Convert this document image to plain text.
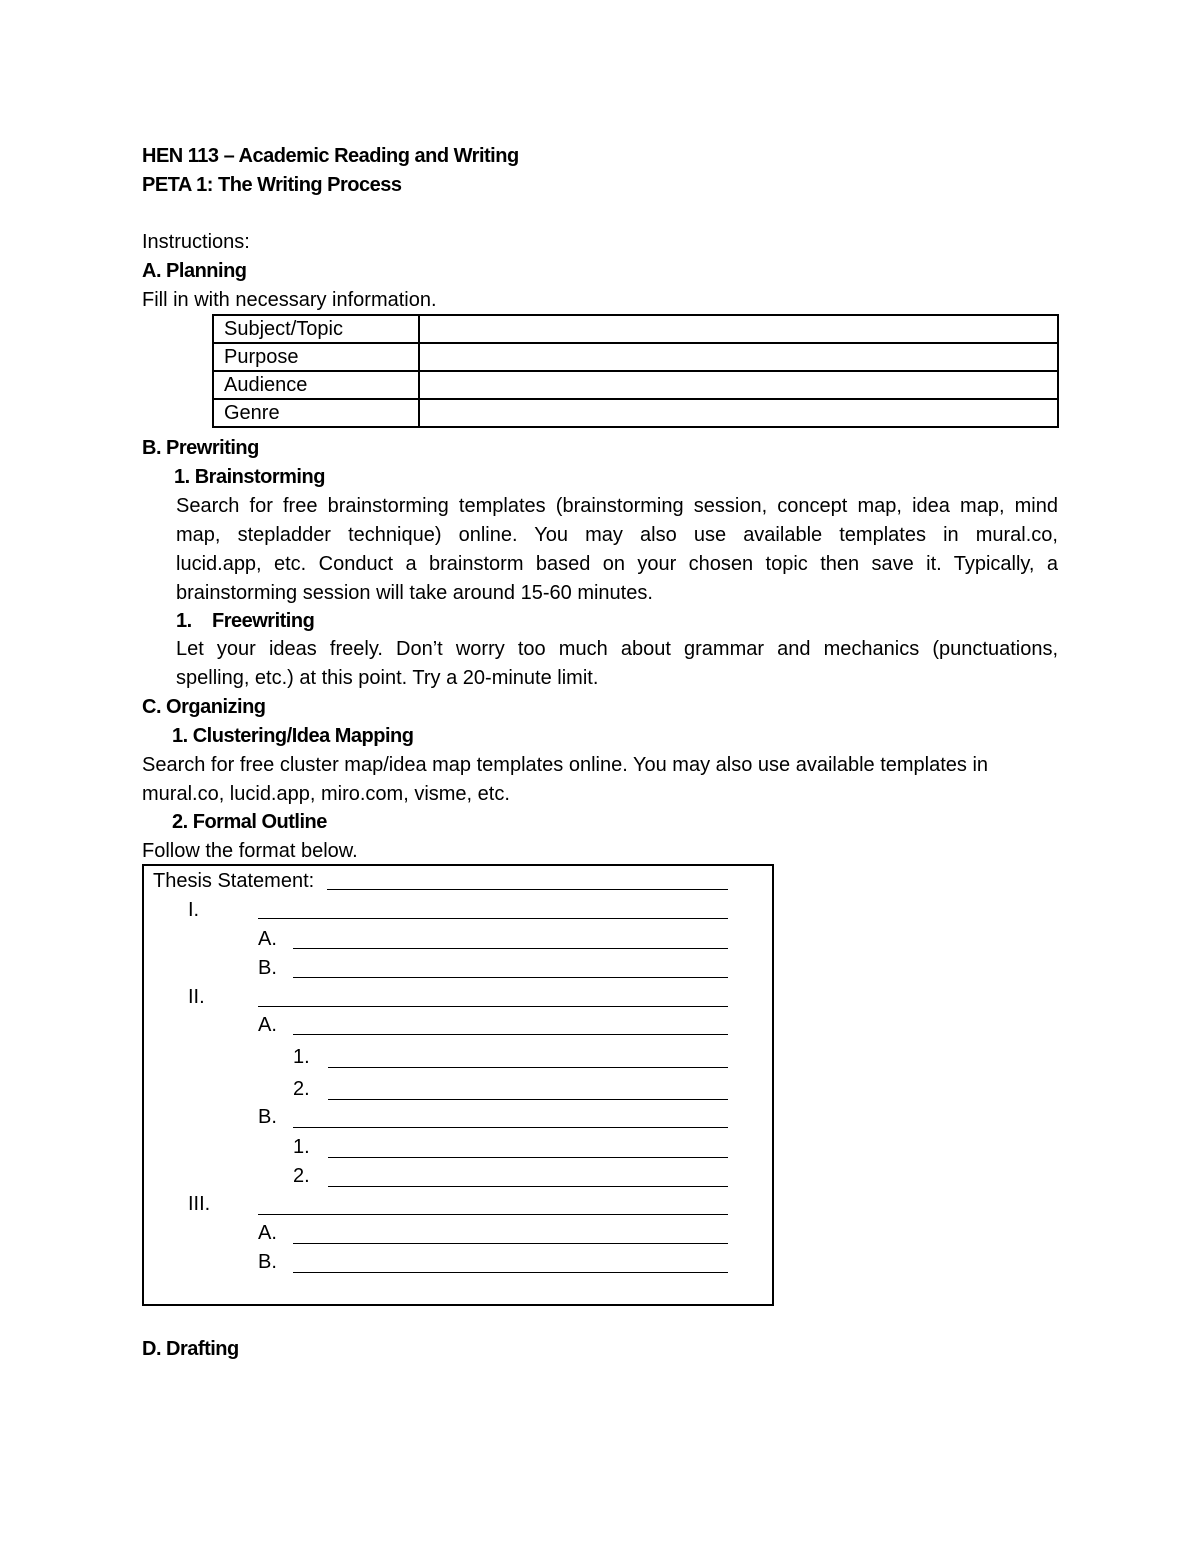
HEN 113 – Academic Reading and Writing
PETA 1: The Writing Process
Instructions:
A. Planning
Fill in with necessary information.
Subject/Topic	
Purpose	
Audience	
Genre	
B. Prewriting
1. Brainstorming
Search for free brainstorming templates (brainstorming session, concept map, idea map, mind
map, stepladder technique) online. You may also use available templates in mural.co,
lucid.app, etc. Conduct a brainstorm based on your chosen topic then save it. Typically, a
brainstorming session will take around 15-60 minutes.
1. Freewriting
Let your ideas freely. Don’t worry too much about grammar and mechanics (punctuations,
spelling, etc.) at this point. Try a 20-minute limit.
C. Organizing
1. Clustering/Idea Mapping
Search for free cluster map/idea map templates online. You may also use available templates in
mural.co, lucid.app, miro.com, visme, etc.
2. Formal Outline
Follow the format below.
Thesis Statement:
I.
A.
B.
II.
A.
1.
2.
B.
1.
2.
III.
A.
B.
D. Drafting
